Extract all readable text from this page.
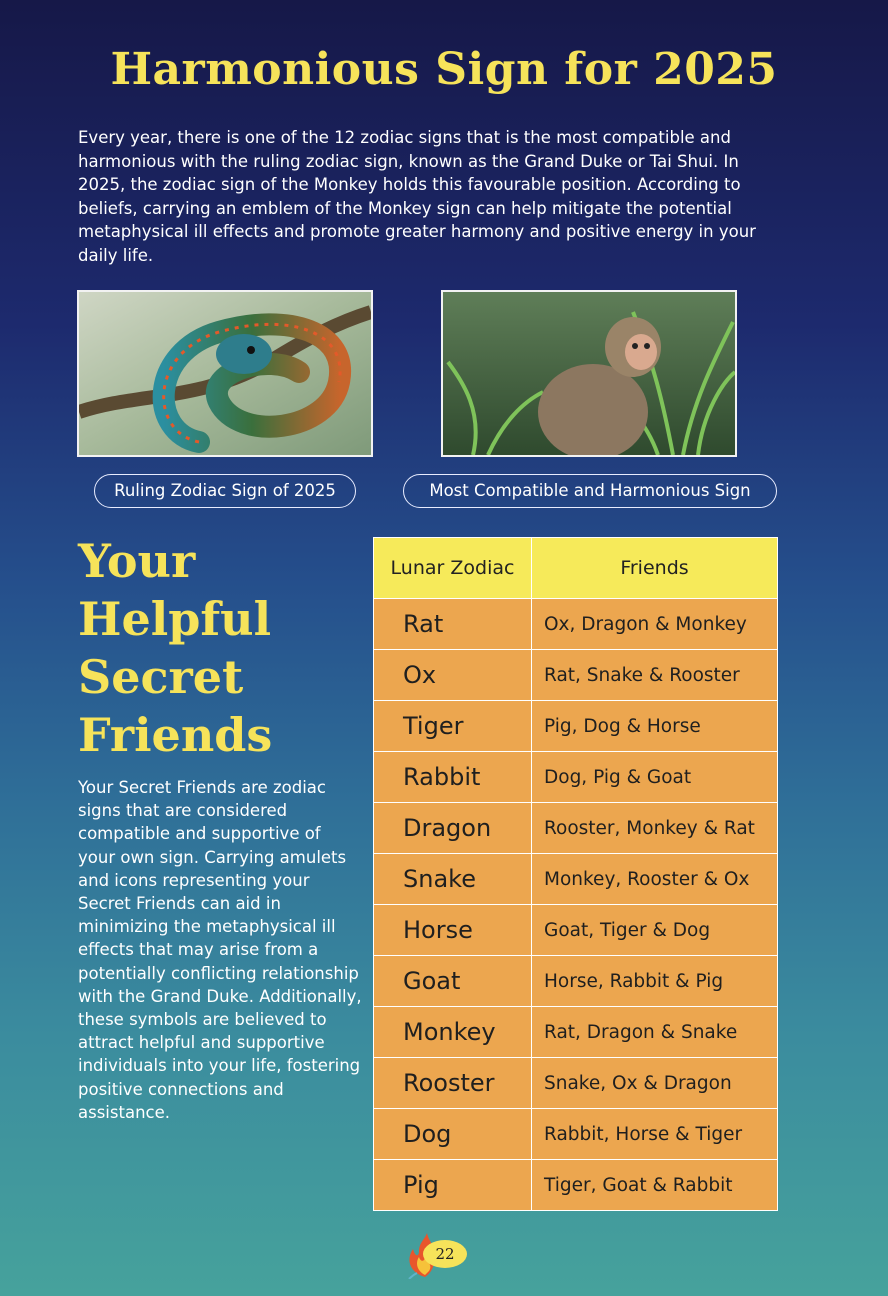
Harmonious Sign for 2025
Every year, there is one of the 12 zodiac signs that is the most compatible and harmonious with the ruling zodiac sign, known as the Grand Duke or Tai Shui. In 2025, the zodiac sign of the Monkey holds this favourable position. According to beliefs, carrying an emblem of the Monkey sign can help mitigate the potential metaphysical ill effects and promote greater harmony and positive energy in your daily life.
Ruling Zodiac Sign of 2025	Most Compatible and Harmonious Sign
Your
Helpful
Secret
Friends
Your Secret Friends are zodiac signs that are considered compatible and supportive of your own sign. Carrying amulets and icons representing your Secret Friends can aid in minimizing the metaphysical ill effects that may arise from a potentially conflicting relationship with the Grand Duke. Additionally, these symbols are believed to attract helpful and supportive individuals into your life, fostering positive connections and assistance.
Lunar Zodiac	Friends
Rat	Ox, Dragon & Monkey
Ox	Rat, Snake & Rooster
Tiger	Pig, Dog & Horse
Rabbit	Dog, Pig & Goat
Dragon	Rooster, Monkey & Rat
Snake	Monkey, Rooster & Ox
Horse	Goat, Tiger & Dog
Goat	Horse, Rabbit & Pig
Monkey	Rat, Dragon & Snake
Rooster	Snake, Ox & Dragon
Dog	Rabbit, Horse & Tiger
Pig	Tiger, Goat & Rabbit
22
